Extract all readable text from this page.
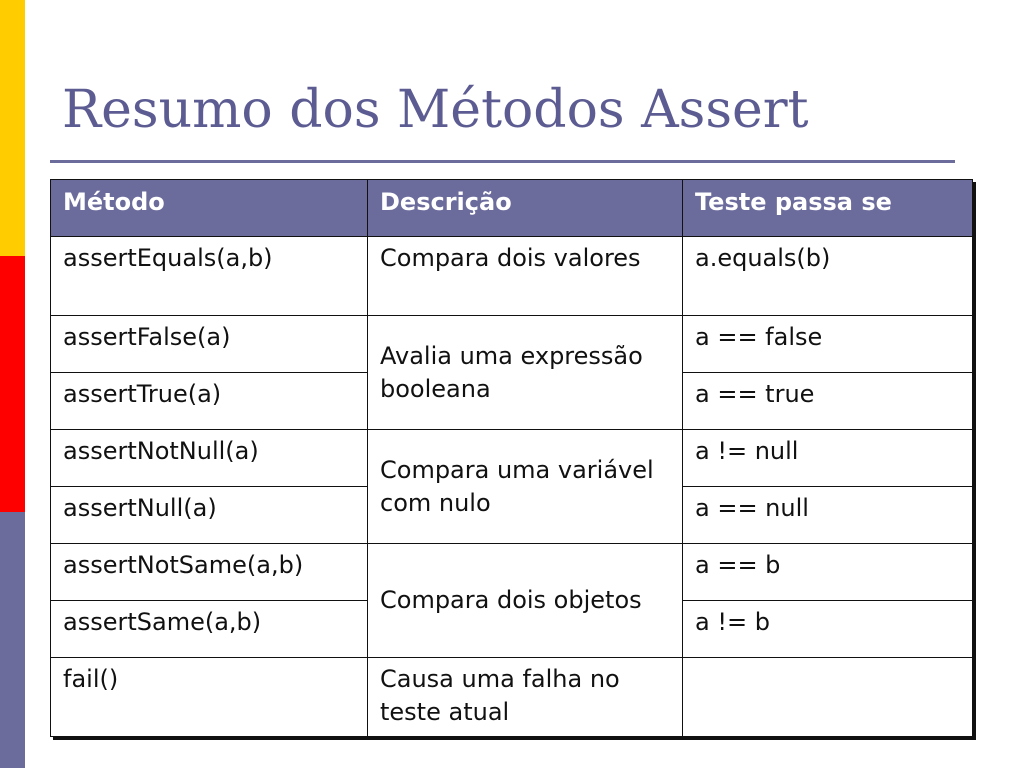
Resumo dos Métodos Assert
Método	Descrição	Teste passa se
assertEquals(a,b)	Compara dois valores	a.equals(b)
assertFalse(a)	Avalia uma expressão booleana	a == false
assertTrue(a)		a == true
assertNotNull(a)	Compara uma variável com nulo	a != null
assertNull(a)		a == null
assertNotSame(a,b)	Compara dois objetos	a == b
assertSame(a,b)		a != b
fail()	Causa uma falha no teste atual	
